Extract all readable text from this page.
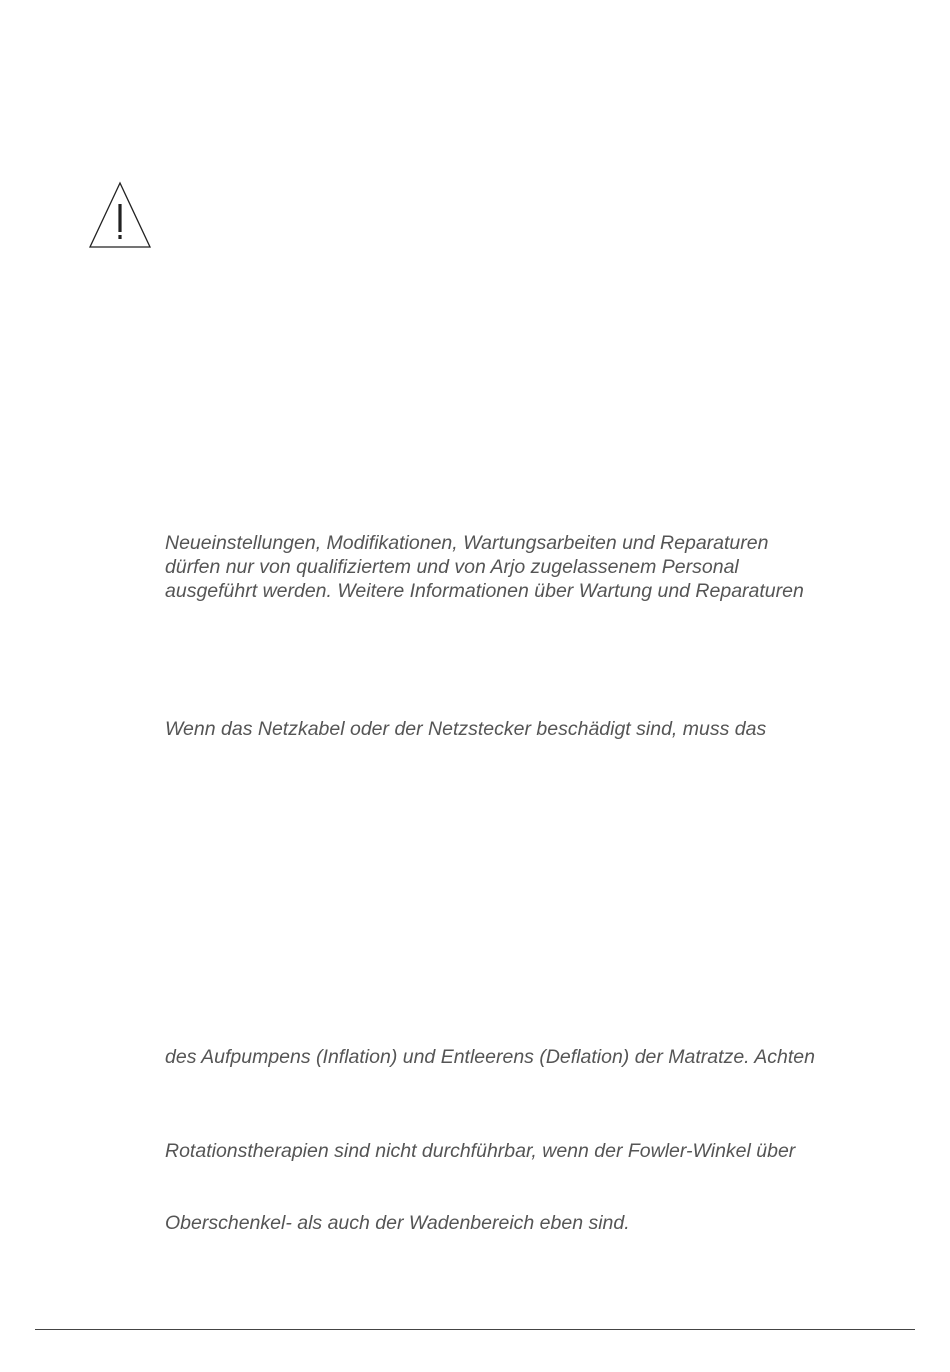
Neueinstellungen, Modifikationen, Wartungsarbeiten und Reparaturen
dürfen nur von qualifiziertem und von Arjo zugelassenem Personal
ausgeführt werden. Weitere Informationen über Wartung und Reparaturen

Wenn das Netzkabel oder der Netzstecker beschädigt sind, muss das

des Aufpumpens (Inflation) und Entleerens (Deflation) der Matratze. Achten

Rotationstherapien sind nicht durchführbar, wenn der Fowler-Winkel über

Oberschenkel- als auch der Wadenbereich eben sind.
